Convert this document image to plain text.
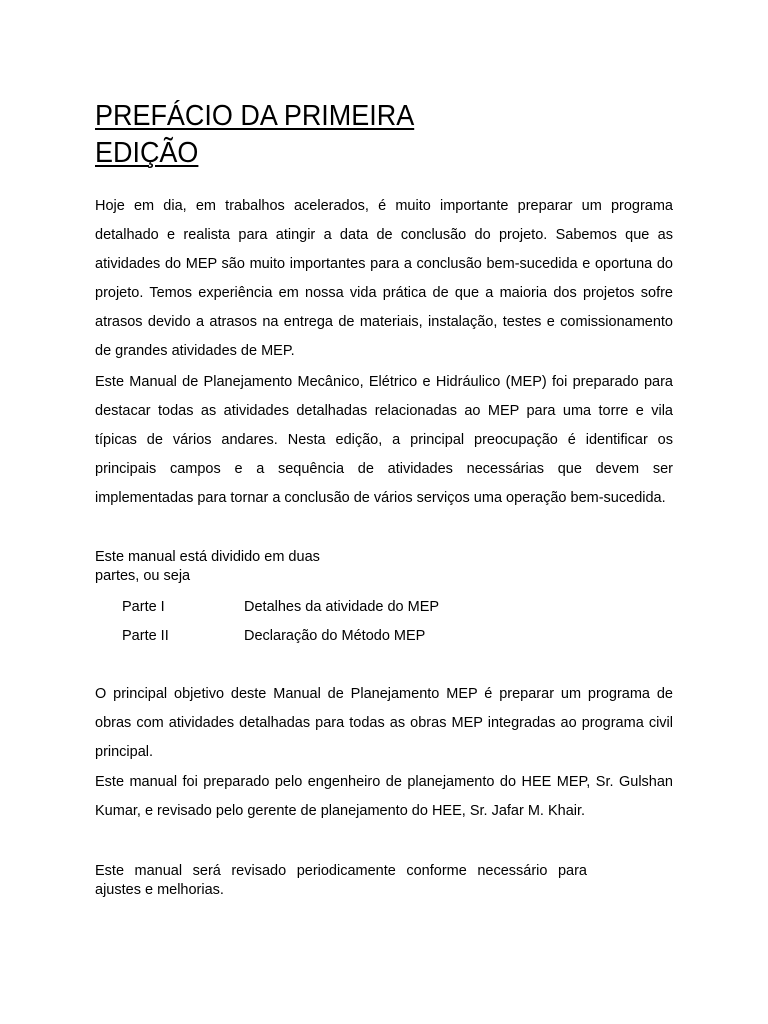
PREFÁCIO DA PRIMEIRA
EDIÇÃO

Hoje em dia, em trabalhos acelerados, é muito importante preparar um programa detalhado e realista para atingir a data de conclusão do projeto. Sabemos que as atividades do MEP são muito importantes para a conclusão bem-sucedida e oportuna do projeto. Temos experiência em nossa vida prática de que a maioria dos projetos sofre atrasos devido a atrasos na entrega de materiais, instalação, testes e comissionamento de grandes atividades de MEP.

Este Manual de Planejamento Mecânico, Elétrico e Hidráulico (MEP) foi preparado para destacar todas as atividades detalhadas relacionadas ao MEP para uma torre e vila típicas de vários andares. Nesta edição, a principal preocupação é identificar os principais campos e a sequência de atividades necessárias que devem ser implementadas para tornar a conclusão de vários serviços uma operação bem-sucedida.

Este manual está dividido em duas partes, ou seja

Parte I	Detalhes da atividade do MEP
Parte II	Declaração do Método MEP

O principal objetivo deste Manual de Planejamento MEP é preparar um programa de obras com atividades detalhadas para todas as obras MEP integradas ao programa civil principal.

Este manual foi preparado pelo engenheiro de planejamento do HEE MEP, Sr. Gulshan Kumar, e revisado pelo gerente de planejamento do HEE, Sr. Jafar M. Khair.

Este manual será revisado periodicamente conforme necessário para ajustes e melhorias.
